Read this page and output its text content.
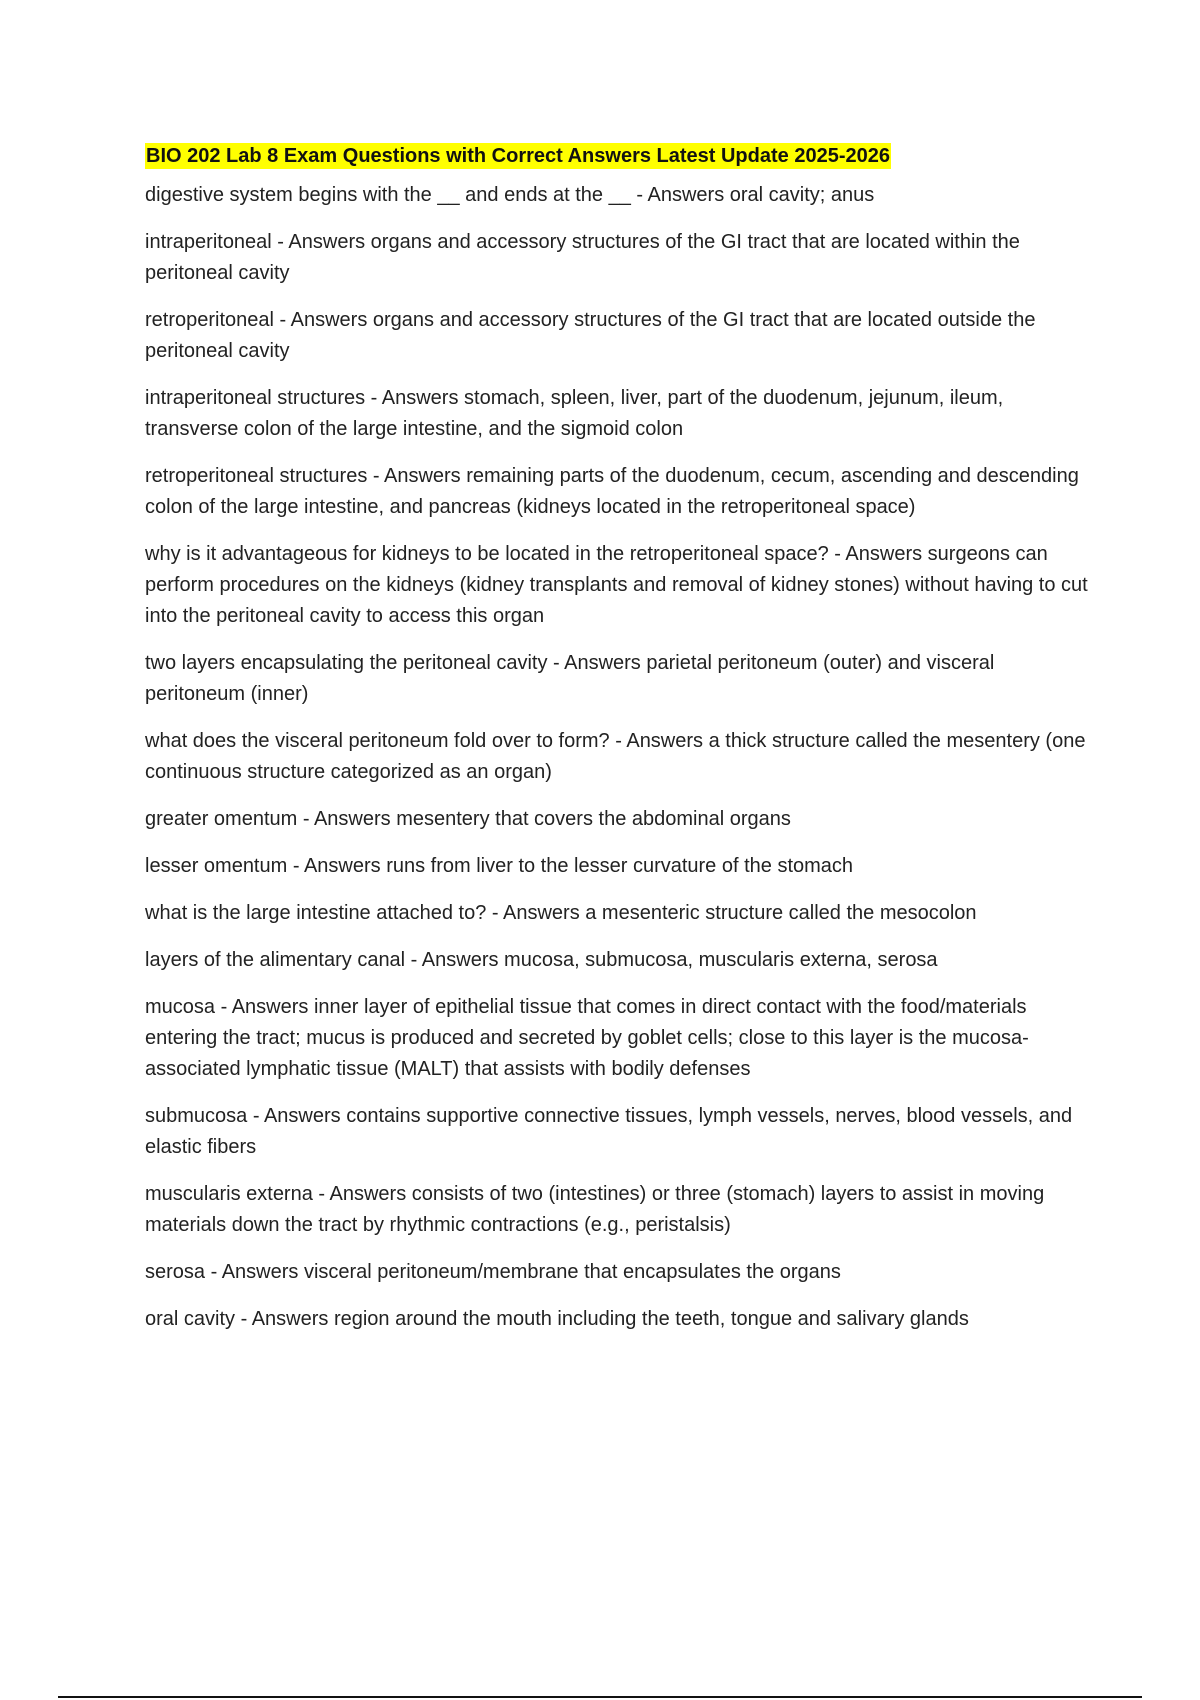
BIO 202 Lab 8 Exam Questions with Correct Answers Latest Update 2025-2026
digestive system begins with the __ and ends at the __ - Answers oral cavity; anus
intraperitoneal - Answers organs and accessory structures of the GI tract that are located within the peritoneal cavity
retroperitoneal - Answers organs and accessory structures of the GI tract that are located outside the peritoneal cavity
intraperitoneal structures - Answers stomach, spleen, liver, part of the duodenum, jejunum, ileum, transverse colon of the large intestine, and the sigmoid colon
retroperitoneal structures - Answers remaining parts of the duodenum, cecum, ascending and descending colon of the large intestine, and pancreas (kidneys located in the retroperitoneal space)
why is it advantageous for kidneys to be located in the retroperitoneal space? - Answers surgeons can perform procedures on the kidneys (kidney transplants and removal of kidney stones) without having to cut into the peritoneal cavity to access this organ
two layers encapsulating the peritoneal cavity - Answers parietal peritoneum (outer) and visceral peritoneum (inner)
what does the visceral peritoneum fold over to form? - Answers a thick structure called the mesentery (one continuous structure categorized as an organ)
greater omentum - Answers mesentery that covers the abdominal organs
lesser omentum - Answers runs from liver to the lesser curvature of the stomach
what is the large intestine attached to? - Answers a mesenteric structure called the mesocolon
layers of the alimentary canal - Answers mucosa, submucosa, muscularis externa, serosa
mucosa - Answers inner layer of epithelial tissue that comes in direct contact with the food/materials entering the tract; mucus is produced and secreted by goblet cells; close to this layer is the mucosa-associated lymphatic tissue (MALT) that assists with bodily defenses
submucosa - Answers contains supportive connective tissues, lymph vessels, nerves, blood vessels, and elastic fibers
muscularis externa - Answers consists of two (intestines) or three (stomach) layers to assist in moving materials down the tract by rhythmic contractions (e.g., peristalsis)
serosa - Answers visceral peritoneum/membrane that encapsulates the organs
oral cavity - Answers region around the mouth including the teeth, tongue and salivary glands
